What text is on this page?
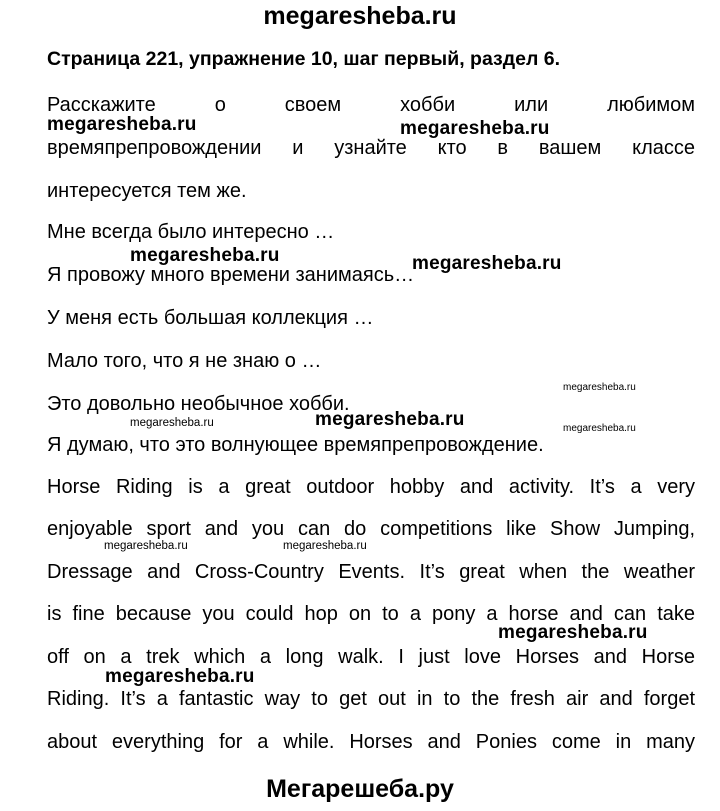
megaresheba.ru
Страница 221, упражнение 10, шаг первый, раздел 6.
Расскажите о своем хобби или любимом
времяпрепровождении и узнайте кто в вашем классе
интересуется тем же.
Мне всегда было интересно …
Я провожу много времени занимаясь…
У меня есть большая коллекция …
Мало того, что я не знаю о …
Это довольно необычное хобби.
Я думаю, что это волнующее времяпрепровождение.
Horse Riding is a great outdoor hobby and activity. It’s a very
enjoyable sport and you can do competitions like Show Jumping,
Dressage and Cross-Country Events. It’s great when the weather
is fine because you could hop on to a pony a horse and can take
off on a trek which a long walk. I just love Horses and Horse
Riding. It’s a fantastic way to get out in to the fresh air and forget
about everything for a while. Horses and Ponies come in many
megaresheba.ru	megaresheba.ru
megaresheba.ru	megaresheba.ru
megaresheba.ru
megaresheba.ru	megaresheba.ru	megaresheba.ru
megaresheba.ru	megaresheba.ru
megaresheba.ru
megaresheba.ru
Мегарешеба.ру
